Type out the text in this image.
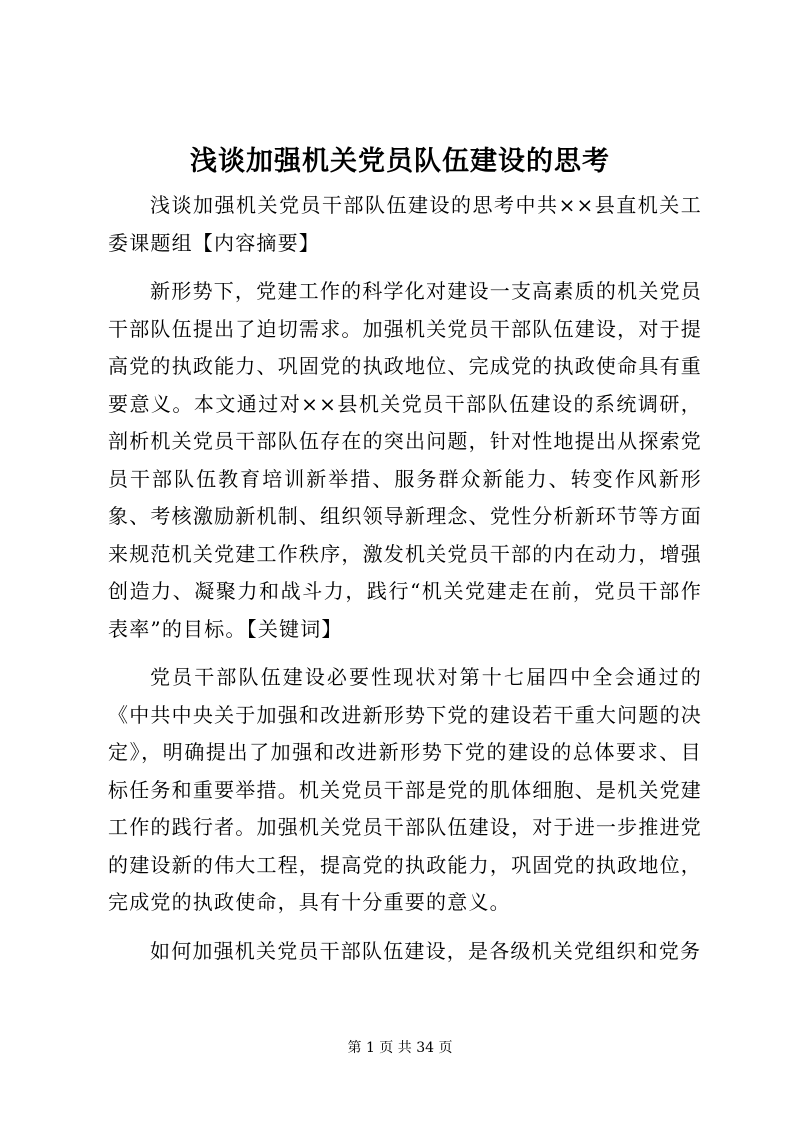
浅谈加强机关党员队伍建设的思考

浅谈加强机关党员干部队伍建设的思考中共××县直机关工委课题组【内容摘要】

新形势下，党建工作的科学化对建设一支高素质的机关党员干部队伍提出了迫切需求。加强机关党员干部队伍建设，对于提高党的执政能力、巩固党的执政地位、完成党的执政使命具有重要意义。本文通过对××县机关党员干部队伍建设的系统调研，剖析机关党员干部队伍存在的突出问题，针对性地提出从探索党员干部队伍教育培训新举措、服务群众新能力、转变作风新形象、考核激励新机制、组织领导新理念、党性分析新环节等方面来规范机关党建工作秩序，激发机关党员干部的内在动力，增强创造力、凝聚力和战斗力，践行“机关党建走在前，党员干部作表率”的目标。【关键词】

党员干部队伍建设必要性现状对第十七届四中全会通过的《中共中央关于加强和改进新形势下党的建设若干重大问题的决定》，明确提出了加强和改进新形势下党的建设的总体要求、目标任务和重要举措。机关党员干部是党的肌体细胞、是机关党建工作的践行者。加强机关党员干部队伍建设，对于进一步推进党的建设新的伟大工程，提高党的执政能力，巩固党的执政地位，完成党的执政使命，具有十分重要的意义。

如何加强机关党员干部队伍建设，是各级机关党组织和党务

第 1 页 共 34 页
